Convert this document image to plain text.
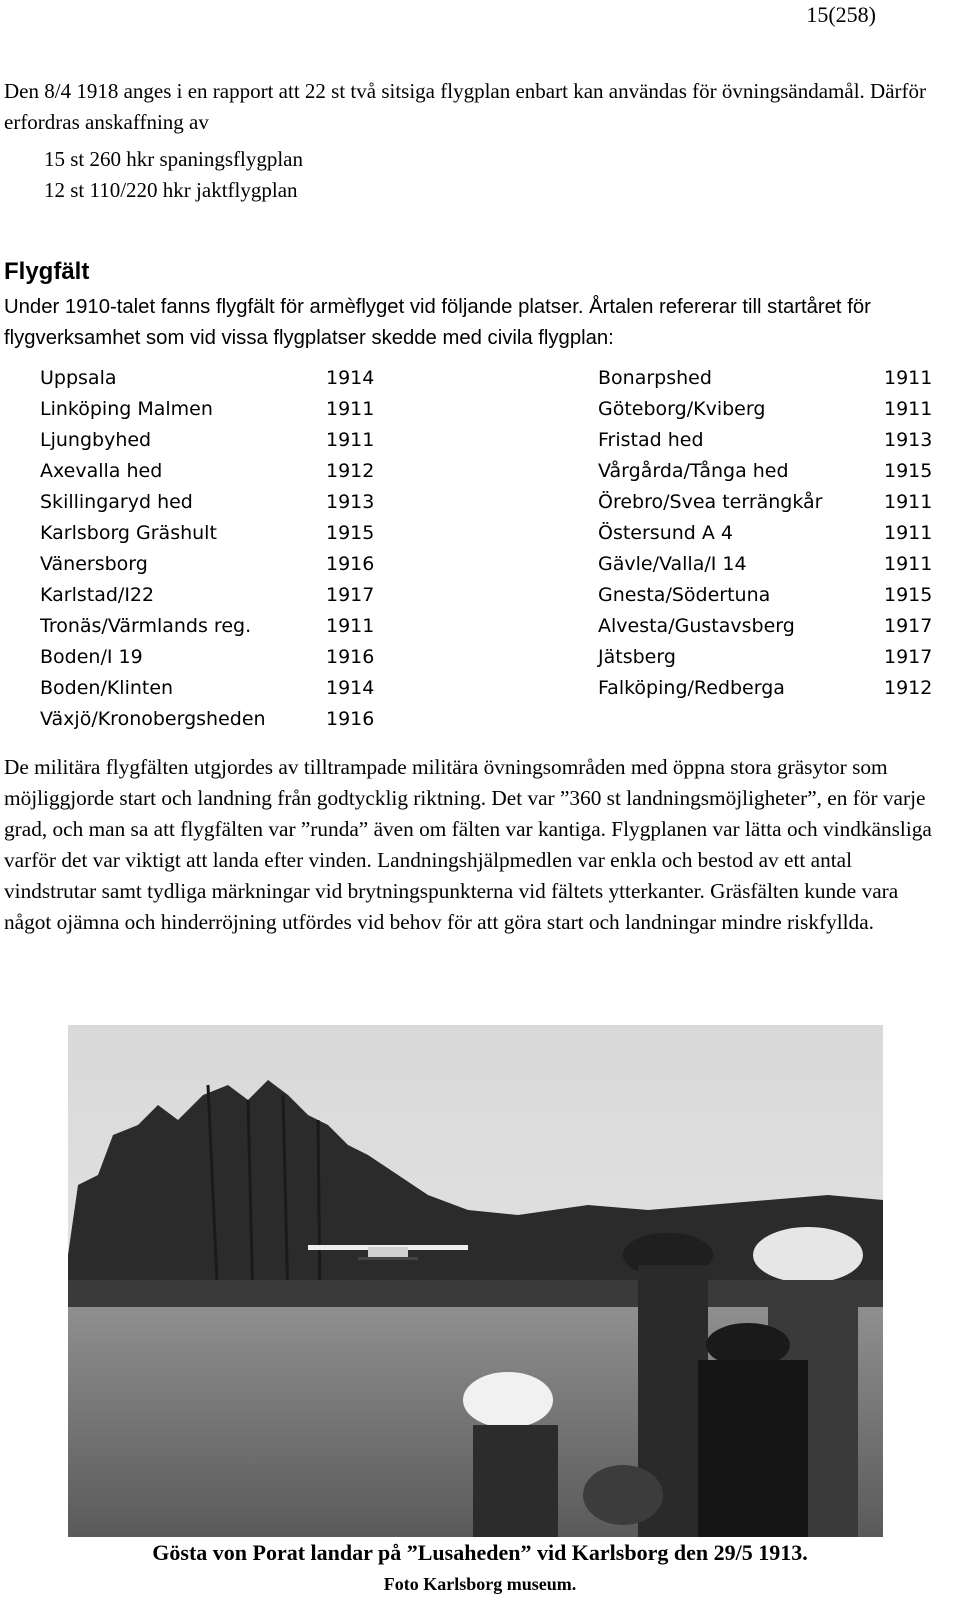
15(258)

Den 8/4 1918 anges i en rapport att 22 st två sitsiga flygplan enbart kan användas för övningsändamål. Därför erfordras anskaffning av

15 st 260 hkr spaningsflygplan
12 st 110/220 hkr jaktflygplan
Flygfält
Under 1910-talet fanns flygfält för armèflyget vid följande platser. Årtalen refererar till startåret för flygverksamhet som vid vissa flygplatser skedde med civila flygplan:
Uppsala	1914
Linköping Malmen	1911
Ljungbyhed	1911
Axevalla hed	1912
Skillingaryd hed	1913
Karlsborg Gräshult	1915
Vänersborg	1916
Karlstad/I22	1917
Tronäs/Värmlands reg.	1911
Boden/I 19	1916
Boden/Klinten	1914
Växjö/Kronobergsheden	1916
Bonarpshed	1911
Göteborg/Kviberg	1911
Fristad hed	1913
Vårgårda/Tånga hed	1915
Örebro/Svea terrängkår	1911
Östersund A 4	1911
Gävle/Valla/I 14	1911
Gnesta/Södertuna	1915
Alvesta/Gustavsberg	1917
Jätsberg	1917
Falköping/Redberga	1912
De militära flygfälten utgjordes av tilltrampade militära övningsområden med öppna stora gräsytor som möjliggjorde start och landning från godtycklig riktning. Det var ”360 st landningsmöjligheter”, en för varje grad, och man sa att flygfälten var ”runda” även om fälten var kantiga. Flygplanen var lätta och vindkänsliga varför det var viktigt att landa efter vinden. Landningshjälpmedlen var enkla och bestod av ett antal vindstrutar samt tydliga märkningar vid brytningspunkterna vid fältets ytterkanter. Gräsfälten kunde vara något ojämna och hinderröjning utfördes vid behov för att göra start och landningar mindre riskfyllda.
Gösta von Porat landar på ”Lusaheden” vid Karlsborg den 29/5 1913.
Foto Karlsborg museum.
